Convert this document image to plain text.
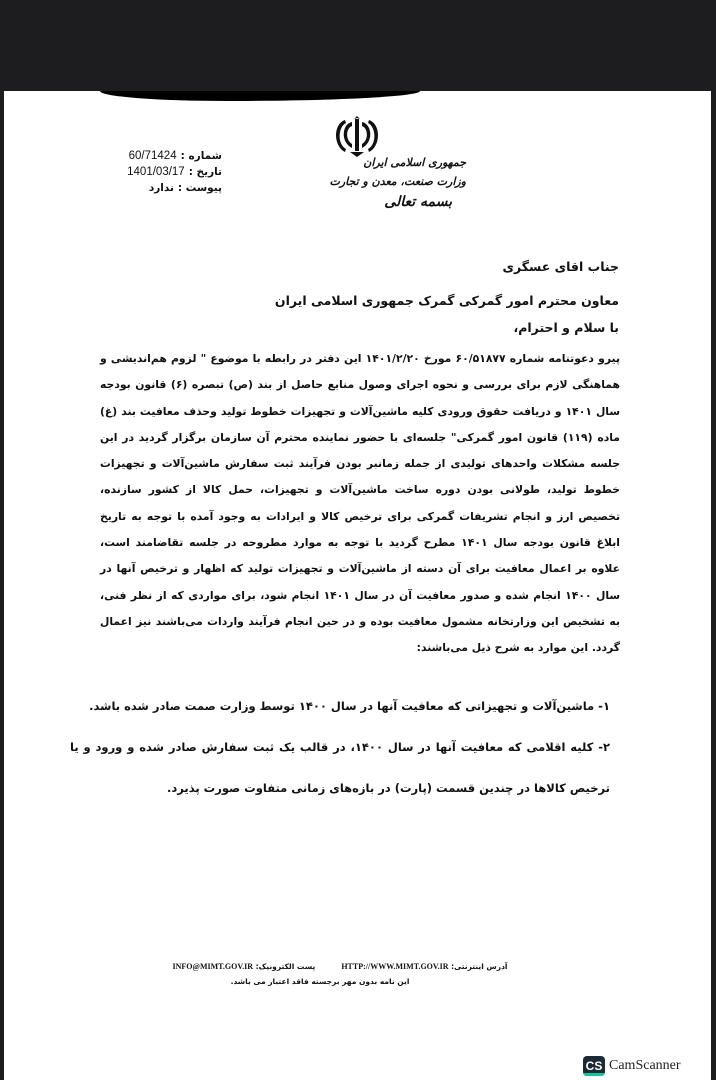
جمهوری اسلامی ایران
وزارت صنعت، معدن و تجارت
بسمه تعالی
شماره :
60/71424
تاریخ :
1401/03/17
پیوست :
ندارد
جناب اقای عسگری
معاون محترم امور گمرکی گمرک جمهوری اسلامی ایران
با سلام و احترام،
پیرو دعوتنامه شماره ۶۰/۵۱۸۷۷ مورخ ۱۴۰۱/۲/۲۰ این دفتر در رابطه با موضوع " لزوم هم‌اندیشی و هماهنگی لازم برای بررسی و نحوه اجرای وصول منابع حاصل از بند (ص) تبصره (۶) قانون بودجه سال ۱۴۰۱ و دریافت حقوق ورودی کلیه ماشین‌آلات و تجهیزات خطوط تولید وحذف معافیت بند (غ) ماده (۱۱۹) قانون امور گمرکی" جلسه‌ای با حضور نماینده محترم آن سازمان برگزار گردید در این جلسه مشکلات واحدهای تولیدی از جمله زمانبر بودن فرآیند ثبت سفارش ماشین‌آلات و تجهیزات خطوط تولید، طولانی بودن دوره ساخت ماشین‌آلات و تجهیزات، حمل کالا از کشور سازنده، تخصیص ارز و انجام تشریفات گمرکی برای ترخیص کالا و ایرادات به وجود آمده با توجه به تاریخ ابلاغ قانون بودجه سال ۱۴۰۱ مطرح گردید با توجه به موارد مطروحه در جلسه تقاضامند است، علاوه بر اعمال معافیت برای آن دسته از ماشین‌آلات و تجهیزات تولید که اظهار و ترخیص آنها در سال ۱۴۰۰ انجام شده و صدور معافیت آن در سال ۱۴۰۱ انجام شود، برای مواردی که از نظر فنی، به تشخیص این وزارتخانه مشمول معافیت بوده و در حین انجام فرآیند واردات می‌باشند نیز اعمال گردد. این موارد به شرح ذیل می‌باشند:
۱- ماشین‌آلات و تجهیزاتی که معافیت آنها در سال ۱۴۰۰ توسط وزارت صمت صادر شده باشد.
۲- کلیه اقلامی که معافیت آنها در سال ۱۴۰۰، در قالب یک ثبت سفارش صادر شده و ورود و یا ترخیص کالاها در چندین قسمت (پارت) در بازه‌های زمانی متفاوت صورت پذیرد.
آدرس اینترنتی: HTTP://WWW.MIMT.GOV.IR
پست الکترونیک: INFO@MIMT.GOV.IR
این نامه بدون مهر برجسته فاقد اعتبار می باشد.
CS CamScanner
